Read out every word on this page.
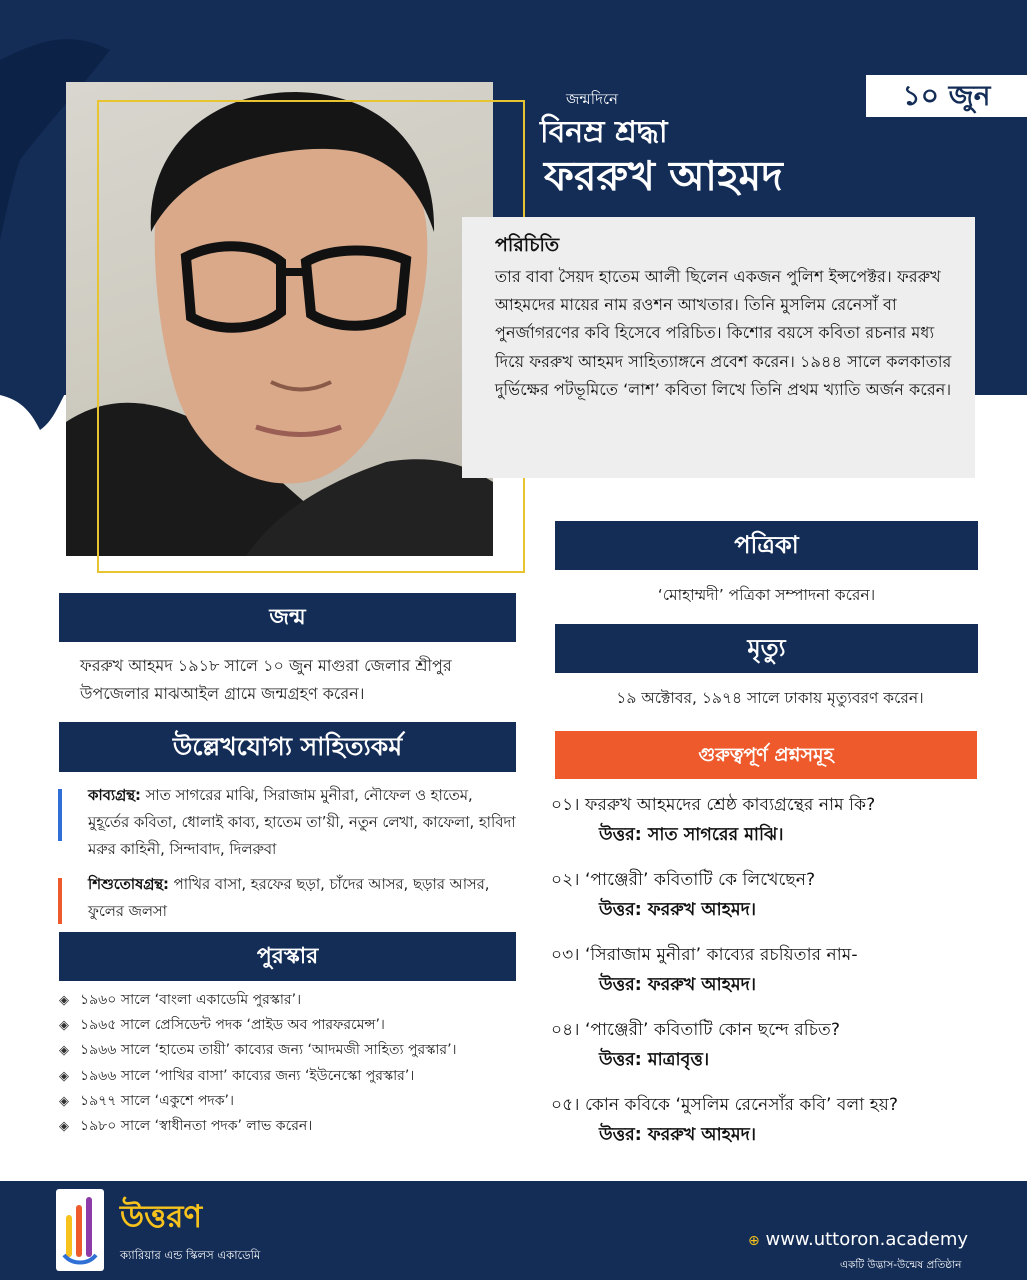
জন্মদিনে
বিনম্র শ্রদ্ধা
ফররুখ আহমদ
১০ জুন
পরিচিতি
তার বাবা সৈয়দ হাতেম আলী ছিলেন একজন পুলিশ ইন্সপেক্টর। ফররুখ আহমদের মায়ের নাম রওশন আখতার। তিনি মুসলিম রেনেসাঁ বা পুনর্জাগরণের কবি হিসেবে পরিচিত। কিশোর বয়সে কবিতা রচনার মধ্য দিয়ে ফররুখ আহমদ সাহিত্যাঙ্গনে প্রবেশ করেন। ১৯৪৪ সালে কলকাতার দুর্ভিক্ষের পটভূমিতে ‘লাশ’ কবিতা লিখে তিনি প্রথম খ্যাতি অর্জন করেন।
পত্রিকা
‘মোহাম্মদী’ পত্রিকা সম্পাদনা করেন।
মৃত্যু
১৯ অক্টোবর, ১৯৭৪ সালে ঢাকায় মৃত্যুবরণ করেন।
জন্ম
ফররুখ আহমদ ১৯১৮ সালে ১০ জুন মাগুরা জেলার শ্রীপুর উপজেলার মাঝআইল গ্রামে জন্মগ্রহণ করেন।
উল্লেখযোগ্য সাহিত্যকর্ম
কাব্যগ্রন্থ: সাত সাগরের মাঝি, সিরাজাম মুনীরা, নৌফেল ও হাতেম, মুহূর্তের কবিতা, ধোলাই কাব্য, হাতেম তা’য়ী, নতুন লেখা, কাফেলা, হাবিদা মরুর কাহিনী, সিন্দাবাদ, দিলরুবা
শিশুতোষগ্রন্থ: পাখির বাসা, হরফের ছড়া, চাঁদের আসর, ছড়ার আসর, ফুলের জলসা
পুরস্কার
◈ ১৯৬০ সালে ‘বাংলা একাডেমি পুরস্কার’।
◈ ১৯৬৫ সালে প্রেসিডেন্ট পদক ‘প্রাইড অব পারফরমেন্স’।
◈ ১৯৬৬ সালে ‘হাতেম তায়ী’ কাব্যের জন্য ‘আদমজী সাহিত্য পুরস্কার’।
◈ ১৯৬৬ সালে ‘পাখির বাসা’ কাব্যের জন্য ‘ইউনেস্কো পুরস্কার’।
◈ ১৯৭৭ সালে ‘একুশে পদক’।
◈ ১৯৮০ সালে ‘স্বাধীনতা পদক’ লাভ করেন।
গুরুত্বপূর্ণ প্রশ্নসমূহ
০১। ফররুখ আহমদের শ্রেষ্ঠ কাব্যগ্রন্থের নাম কি?
উত্তর: সাত সাগরের মাঝি।
০২। ‘পাঞ্জেরী’ কবিতাটি কে লিখেছেন?
উত্তর: ফররুখ আহমদ।
০৩। ‘সিরাজাম মুনীরা’ কাব্যের রচয়িতার নাম-
উত্তর: ফররুখ আহমদ।
০৪। ‘পাঞ্জেরী’ কবিতাটি কোন ছন্দে রচিত?
উত্তর: মাত্রাবৃত্ত।
০৫। কোন কবিকে ‘মুসলিম রেনেসাঁর কবি’ বলা হয়?
উত্তর: ফররুখ আহমদ।
উত্তরণ
ক্যারিয়ার এন্ড স্কিলস একাডেমি
⊕ www.uttoron.academy
একটি উদ্ভাস-উন্মেষ প্রতিষ্ঠান
